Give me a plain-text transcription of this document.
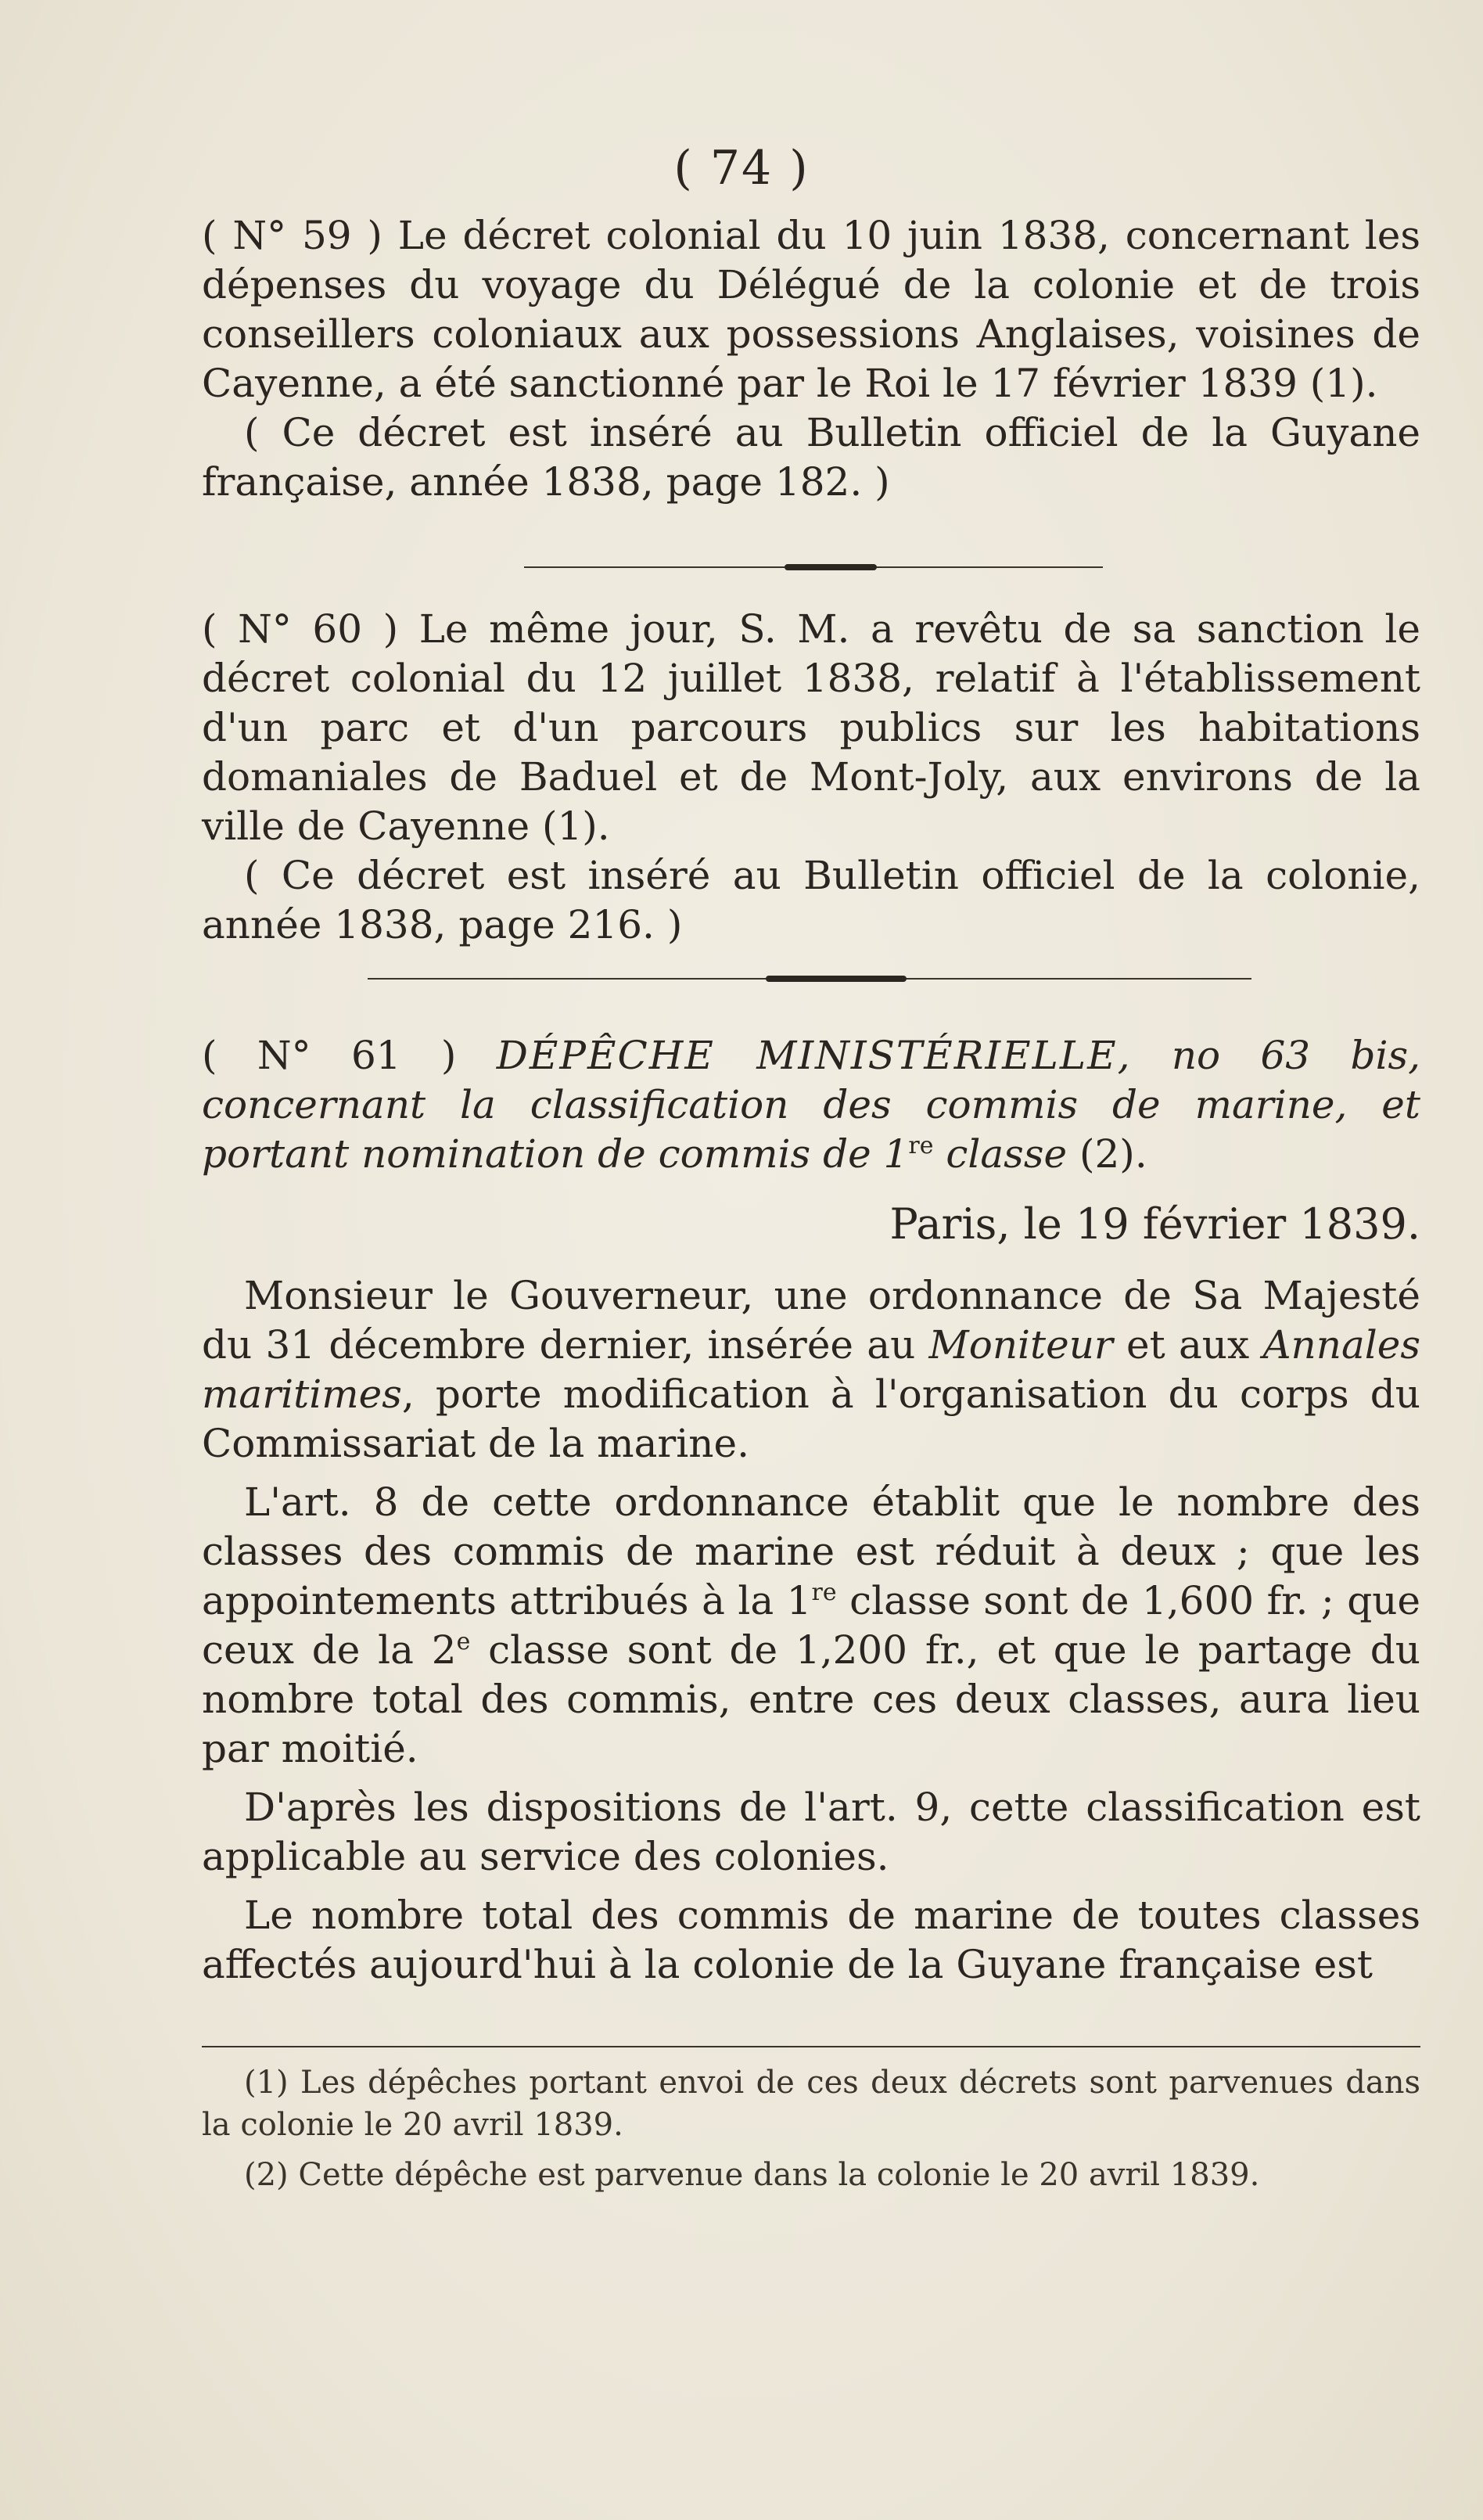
( 74 )

( N° 59 ) Le décret colonial du 10 juin 1838, concernant les dépenses du voyage du Délégué de la colonie et de trois conseillers coloniaux aux possessions Anglaises, voisines de Cayenne, a été sanctionné par le Roi le 17 février 1839 (1).

( Ce décret est inséré au Bulletin officiel de la Guyane française, année 1838, page 182. )

( N° 60 ) Le même jour, S. M. a revêtu de sa sanction le décret colonial du 12 juillet 1838, relatif à l'établissement d'un parc et d'un parcours publics sur les habitations domaniales de Baduel et de Mont-Joly, aux environs de la ville de Cayenne (1).

( Ce décret est inséré au Bulletin officiel de la colonie, année 1838, page 216. )

( N° 61 ) DÉPÊCHE MINISTÉRIELLE, no 63 bis, concernant la classification des commis de marine, et portant nomination de commis de 1re classe (2).

Paris, le 19 février 1839.

Monsieur le Gouverneur, une ordonnance de Sa Majesté du 31 décembre dernier, insérée au Moniteur et aux Annales maritimes, porte modification à l'organisation du corps du Commissariat de la marine.

L'art. 8 de cette ordonnance établit que le nombre des classes des commis de marine est réduit à deux ; que les appointements attribués à la 1re classe sont de 1,600 fr. ; que ceux de la 2e classe sont de 1,200 fr., et que le partage du nombre total des commis, entre ces deux classes, aura lieu par moitié.

D'après les dispositions de l'art. 9, cette classification est applicable au service des colonies.

Le nombre total des commis de marine de toutes classes affectés aujourd'hui à la colonie de la Guyane française est

(1) Les dépêches portant envoi de ces deux décrets sont parvenues dans la colonie le 20 avril 1839.

(2) Cette dépêche est parvenue dans la colonie le 20 avril 1839.
